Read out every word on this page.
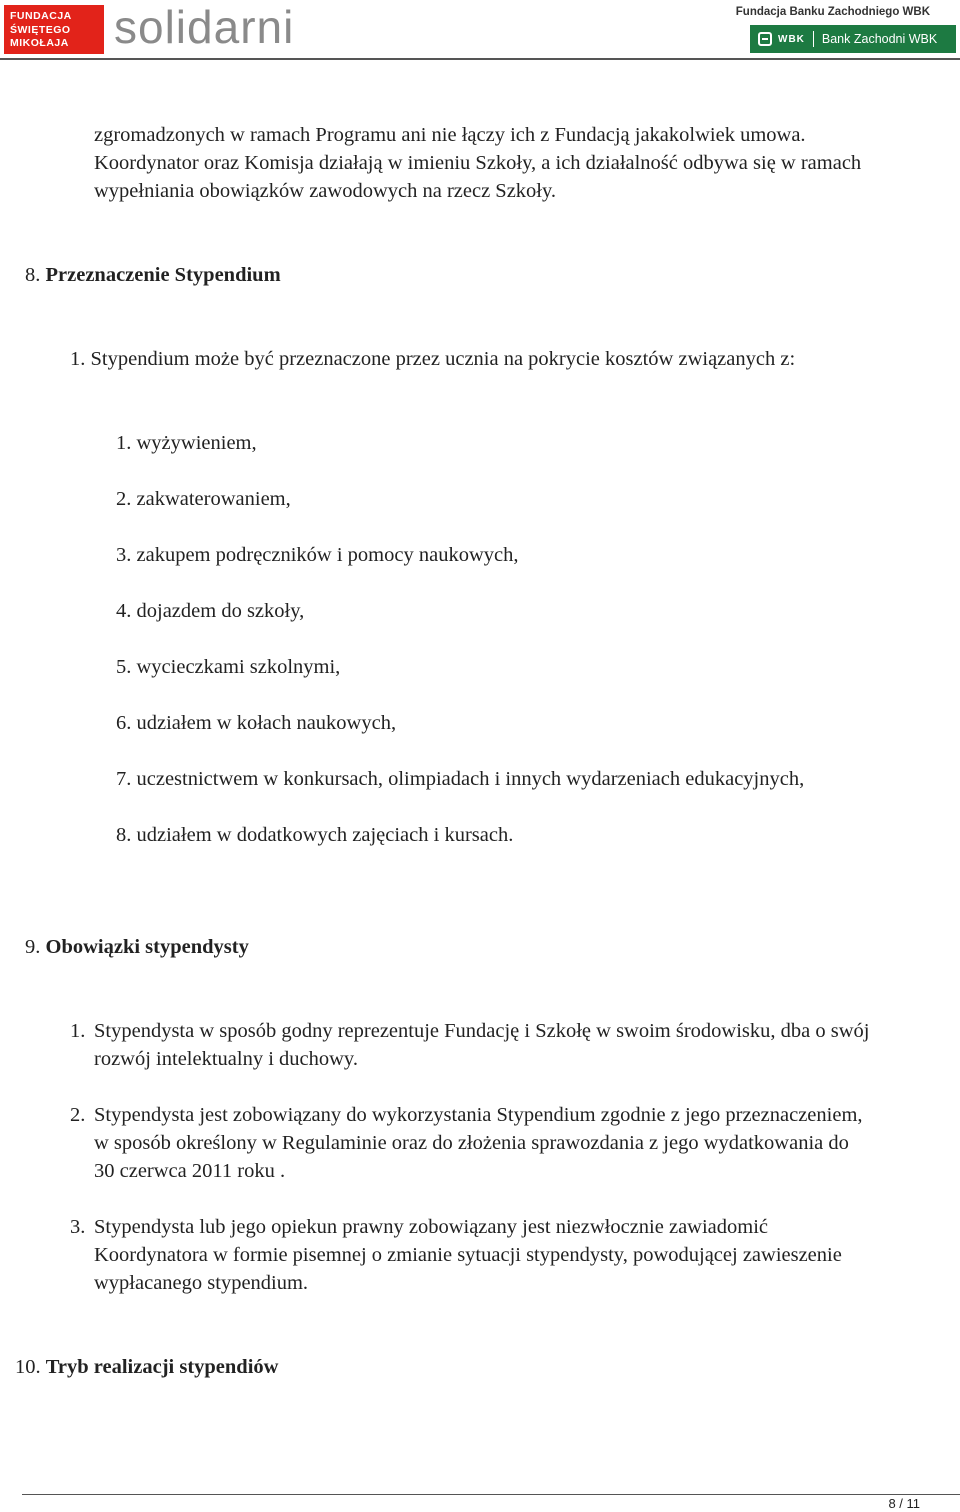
FUNDACJA
ŚWIĘTEGO
MIKOŁAJA solidarni	Fundacja Banku Zachodniego WBK
WBK Bank Zachodni WBK
zgromadzonych w ramach Programu ani nie łączy ich z Fundacją jakakolwiek umowa.
Koordynator oraz Komisja działają w imieniu Szkoły, a ich działalność odbywa się w ramach
wypełniania obowiązków zawodowych na rzecz Szkoły.
8. Przeznaczenie Stypendium
1. Stypendium może być przeznaczone przez ucznia na pokrycie kosztów związanych z:
1. wyżywieniem,
2. zakwaterowaniem,
3. zakupem podręczników i pomocy naukowych,
4. dojazdem do szkoły,
5. wycieczkami szkolnymi,
6. udziałem w kołach naukowych,
7. uczestnictwem w konkursach, olimpiadach i innych wydarzeniach edukacyjnych,
8. udziałem w dodatkowych zajęciach i kursach.
9. Obowiązki stypendysty
1. Stypendysta w sposób godny reprezentuje Fundację i Szkołę w swoim środowisku, dba o swój
rozwój intelektualny i duchowy.
2. Stypendysta jest zobowiązany do wykorzystania Stypendium zgodnie z jego przeznaczeniem,
w sposób określony w Regulaminie oraz do złożenia sprawozdania z jego wydatkowania do
30 czerwca 2011 roku .
3. Stypendysta lub jego opiekun prawny zobowiązany jest niezwłocznie zawiadomić
Koordynatora w formie pisemnej o zmianie sytuacji stypendysty, powodującej zawieszenie
wypłacanego stypendium.
10. Tryb realizacji stypendiów
8 / 11
